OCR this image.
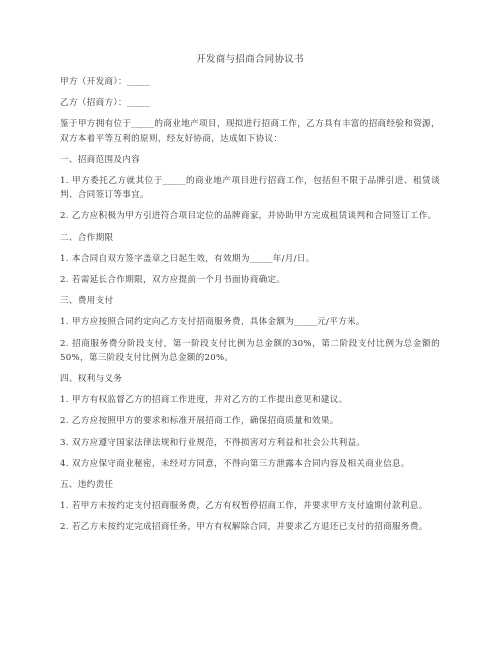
开发商与招商合同协议书
甲方（开发商）：_____
乙方（招商方）：_____
鉴于甲方拥有位于_____的商业地产项目，现拟进行招商工作，乙方具有丰富的招商经验和资源，双方本着平等互利的原则，经友好协商，达成如下协议：
一、招商范围及内容
1. 甲方委托乙方就其位于_____的商业地产项目进行招商工作，包括但不限于品牌引进、租赁谈判、合同签订等事宜。
2. 乙方应积极为甲方引进符合项目定位的品牌商家，并协助甲方完成租赁谈判和合同签订工作。
二、合作期限
1. 本合同自双方签字盖章之日起生效，有效期为_____年/月/日。
2. 若需延长合作期限，双方应提前一个月书面协商确定。
三、费用支付
1. 甲方应按照合同约定向乙方支付招商服务费，具体金额为_____元/平方米。
2. 招商服务费分阶段支付，第一阶段支付比例为总金额的30%，第二阶段支付比例为总金额的50%，第三阶段支付比例为总金额的20%。
四、权利与义务
1. 甲方有权监督乙方的招商工作进度，并对乙方的工作提出意见和建议。
2. 乙方应按照甲方的要求和标准开展招商工作，确保招商质量和效果。
3. 双方应遵守国家法律法规和行业规范，不得损害对方利益和社会公共利益。
4. 双方应保守商业秘密，未经对方同意，不得向第三方泄露本合同内容及相关商业信息。
五、违约责任
1. 若甲方未按约定支付招商服务费，乙方有权暂停招商工作，并要求甲方支付逾期付款利息。
2. 若乙方未按约定完成招商任务，甲方有权解除合同，并要求乙方退还已支付的招商服务费。
